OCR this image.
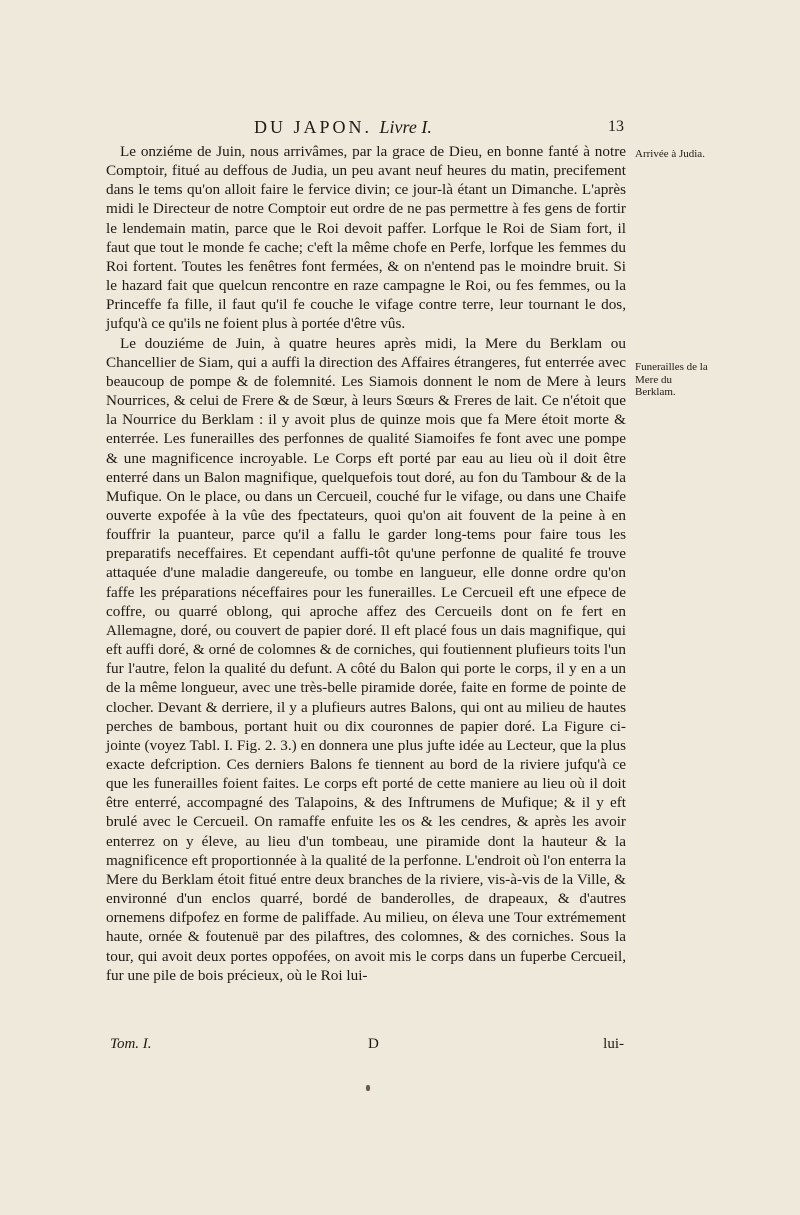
DU JAPON. Livre I.	13

Le onziéme de Juin, nous arrivâmes, par la grace de Dieu, en bonne fanté à notre Comptoir, fitué au deffous de Judia, un peu avant neuf heures du matin, precifement dans le tems qu'on alloit faire le fervice divin; ce jour-là étant un Dimanche. L'après midi le Directeur de notre Comptoir eut ordre de ne pas permettre à fes gens de fortir le lendemain matin, parce que le Roi devoit paffer. Lorfque le Roi de Siam fort, il faut que tout le monde fe cache; c'eft la même chofe en Perfe, lorfque les femmes du Roi fortent. Toutes les fenêtres font fermées, & on n'entend pas le moindre bruit. Si le hazard fait que quelcun rencontre en raze campagne le Roi, ou fes femmes, ou la Princeffe fa fille, il faut qu'il fe couche le vifage contre terre, leur tournant le dos, jufqu'à ce qu'ils ne foient plus à portée d'être vûs.

Le douziéme de Juin, à quatre heures après midi, la Mere du Berklam ou Chancellier de Siam, qui a auffi la direction des Affaires étrangeres, fut enterrée avec beaucoup de pompe & de folemnité. Les Siamois donnent le nom de Mere à leurs Nourrices, & celui de Frere & de Sœur, à leurs Sœurs & Freres de lait. Ce n'étoit que la Nourrice du Berklam : il y avoit plus de quinze mois que fa Mere étoit morte & enterrée. Les funerailles des perfonnes de qualité Siamoifes fe font avec une pompe & une magnificence incroyable. Le Corps eft porté par eau au lieu où il doit être enterré dans un Balon magnifique, quelquefois tout doré, au fon du Tambour & de la Mufique. On le place, ou dans un Cercueil, couché fur le vifage, ou dans une Chaife ouverte expofée à la vûe des fpectateurs, quoi qu'on ait fouvent de la peine à en fouffrir la puanteur, parce qu'il a fallu le garder long-tems pour faire tous les preparatifs neceffaires. Et cependant auffi-tôt qu'une perfonne de qualité fe trouve attaquée d'une maladie dangereufe, ou tombe en langueur, elle donne ordre qu'on faffe les préparations néceffaires pour les funerailles. Le Cercueil eft une efpece de coffre, ou quarré oblong, qui aproche affez des Cercueils dont on fe fert en Allemagne, doré, ou couvert de papier doré. Il eft placé fous un dais magnifique, qui eft auffi doré, & orné de colomnes & de corniches, qui foutiennent plufieurs toits l'un fur l'autre, felon la qualité du defunt. A côté du Balon qui porte le corps, il y en a un de la même longueur, avec une très-belle piramide dorée, faite en forme de pointe de clocher. Devant & derriere, il y a plufieurs autres Balons, qui ont au milieu de hautes perches de bambous, portant huit ou dix couronnes de papier doré. La Figure ci-jointe (voyez Tabl. I. Fig. 2. 3.) en donnera une plus jufte idée au Lecteur, que la plus exacte defcription. Ces derniers Balons fe tiennent au bord de la riviere jufqu'à ce que les funerailles foient faites. Le corps eft porté de cette maniere au lieu où il doit être enterré, accompagné des Talapoins, & des Inftrumens de Mufique; & il y eft brulé avec le Cercueil. On ramaffe enfuite les os & les cendres, & après les avoir enterrez on y éleve, au lieu d'un tombeau, une piramide dont la hauteur & la magnificence eft proportionnée à la qualité de la perfonne. L'endroit où l'on enterra la Mere du Berklam étoit fitué entre deux branches de la riviere, vis-à-vis de la Ville, & environné d'un enclos quarré, bordé de banderolles, de drapeaux, & d'autres ornemens difpofez en forme de paliffade. Au milieu, on éleva une Tour extrémement haute, ornée & foutenuë par des pilaftres, des colomnes, & des corniches. Sous la tour, qui avoit deux portes oppofées, on avoit mis le corps dans un fuperbe Cercueil, fur une pile de bois précieux, où le Roi lui-

Arrivée à Judia.
Funerailles de la Mere du Berklam.
Tom. I.	D	lui-
